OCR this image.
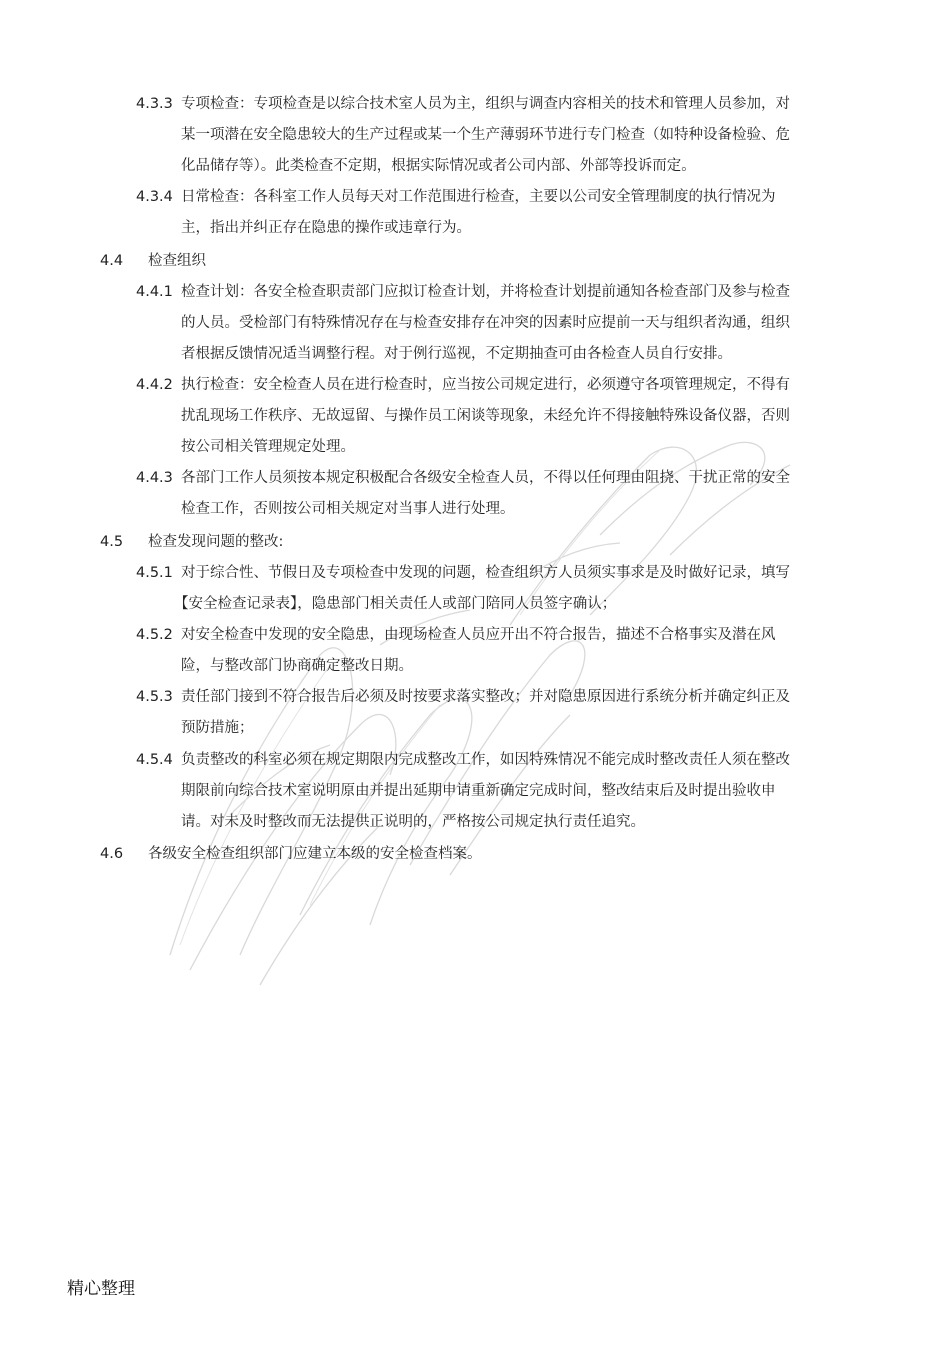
4.3.3 专项检查：专项检查是以综合技术室人员为主，组织与调查内容相关的技术和管理人员参加，对
某一项潜在安全隐患较大的生产过程或某一个生产薄弱环节进行专门检查（如特种设备检验、危
化品储存等）。此类检查不定期，根据实际情况或者公司内部、外部等投诉而定。
4.3.4 日常检查：各科室工作人员每天对工作范围进行检查，主要以公司安全管理制度的执行情况为
主，指出并纠正存在隐患的操作或违章行为。
4.4 检查组织
4.4.1 检查计划：各安全检查职责部门应拟订检查计划，并将检查计划提前通知各检查部门及参与检查
的人员。受检部门有特殊情况存在与检查安排存在冲突的因素时应提前一天与组织者沟通，组织
者根据反馈情况适当调整行程。对于例行巡视，不定期抽查可由各检查人员自行安排。
4.4.2 执行检查：安全检查人员在进行检查时，应当按公司规定进行，必须遵守各项管理规定，不得有
扰乱现场工作秩序、无故逗留、与操作员工闲谈等现象，未经允许不得接触特殊设备仪器，否则
按公司相关管理规定处理。
4.4.3 各部门工作人员须按本规定积极配合各级安全检查人员，不得以任何理由阻挠、干扰正常的安全
检查工作，否则按公司相关规定对当事人进行处理。
4.5 检查发现问题的整改:
4.5.1 对于综合性、节假日及专项检查中发现的问题，检查组织方人员须实事求是及时做好记录，填写
【安全检查记录表】，隐患部门相关责任人或部门陪同人员签字确认；
4.5.2 对安全检查中发现的安全隐患，由现场检查人员应开出不符合报告，描述不合格事实及潜在风
险，与整改部门协商确定整改日期。
4.5.3 责任部门接到不符合报告后必须及时按要求落实整改；并对隐患原因进行系统分析并确定纠正及
预防措施；
4.5.4 负责整改的科室必须在规定期限内完成整改工作，如因特殊情况不能完成时整改责任人须在整改
期限前向综合技术室说明原由并提出延期申请重新确定完成时间，整改结束后及时提出验收申
请。对未及时整改而无法提供正说明的，严格按公司规定执行责任追究。
4.6 各级安全检查组织部门应建立本级的安全检查档案。
精心整理
